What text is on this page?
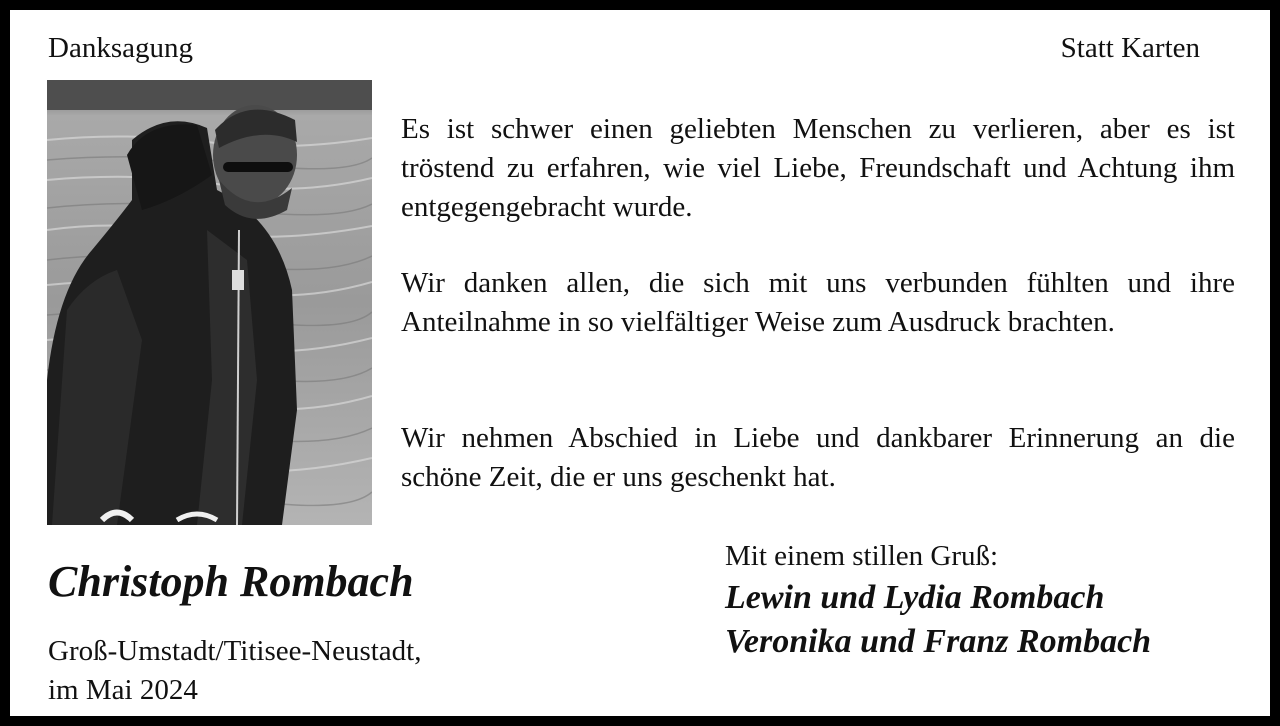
Danksagung	Statt Karten

Es ist schwer einen geliebten Menschen zu verlieren, aber es ist tröstend zu erfahren, wie viel Liebe, Freundschaft und Achtung ihm entgegengebracht wurde.

Wir danken allen, die sich mit uns verbunden fühlten und ihre Anteilnahme in so vielfältiger Weise zum Ausdruck brachten.

Wir nehmen Abschied in Liebe und dankbarer Erinnerung an die schöne Zeit, die er uns geschenkt hat.

Christoph Rombach

Groß-Umstadt/Titisee-Neustadt,
im Mai 2024
Mit einem stillen Gruß:
Lewin und Lydia Rombach
Veronika und Franz Rombach
